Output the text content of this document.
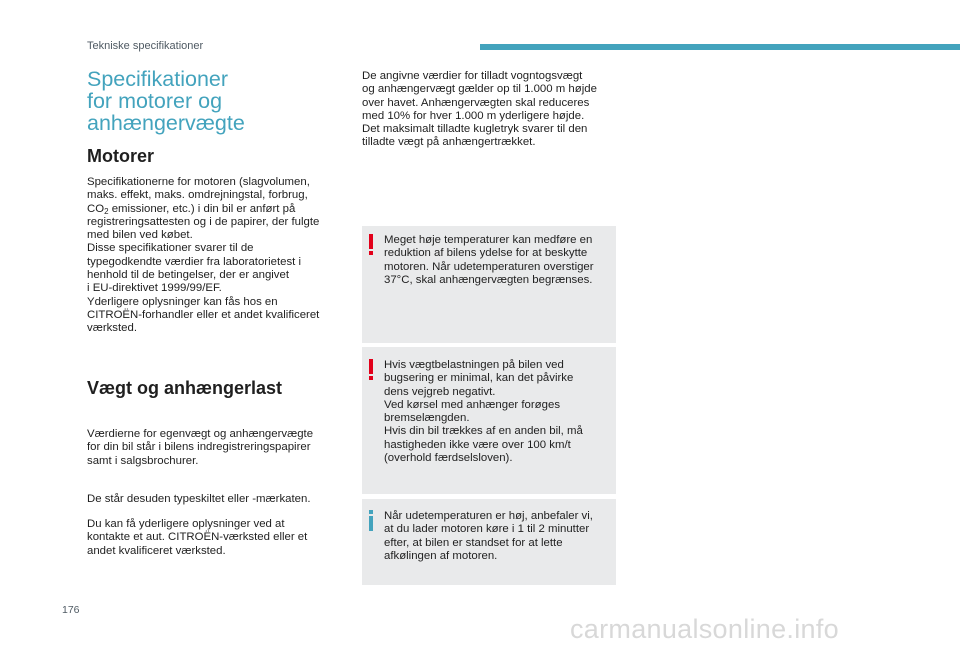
Tekniske specifikationer
Specifikationer
for motorer og
anhængervægte
Motorer
Specifikationerne for motoren (slagvolumen,
maks. effekt, maks. omdrejningstal, forbrug,
$CO_2$ emissioner, etc.) i din bil er anført på
registreringsattesten og i de papirer, der fulgte
med bilen ved købet.
Disse specifikationer svarer til de
typegodkendte værdier fra laboratorietest i
henhold til de betingelser, der er angivet
i EU-direktivet 1999/99/EF.
Yderligere oplysninger kan fås hos en
CITROËN-forhandler eller et andet kvalificeret
værksted.
Vægt og anhængerlast
Værdierne for egenvægt og anhængervægte
for din bil står i bilens indregistreringspapirer
samt i salgsbrochurer.
De står desuden typeskiltet eller -mærkaten.
Du kan få yderligere oplysninger ved at
kontakte et aut. CITROËN-værksted eller et
andet kvalificeret værksted.
De angivne værdier for tilladt vogntogsvægt
og anhængervægt gælder op til 1.000 m højde
over havet. Anhængervægten skal reduceres
med 10% for hver 1.000 m yderligere højde.
Det maksimalt tilladte kugletryk svarer til den
tilladte vægt på anhængertrækket.
Meget høje temperaturer kan medføre en
reduktion af bilens ydelse for at beskytte
motoren. Når udetemperaturen overstiger
37°C, skal anhængervægten begrænses.
Hvis vægtbelastningen på bilen ved
bugsering er minimal, kan det påvirke
dens vejgreb negativt.
Ved kørsel med anhænger forøges
bremselængden.
Hvis din bil trækkes af en anden bil, må
hastigheden ikke være over 100 km/t
(overhold færdselsloven).
Når udetemperaturen er høj, anbefaler vi,
at du lader motoren køre i 1 til 2 minutter
efter, at bilen er standset for at lette
afkølingen af motoren.
176
carmanualsonline.info
